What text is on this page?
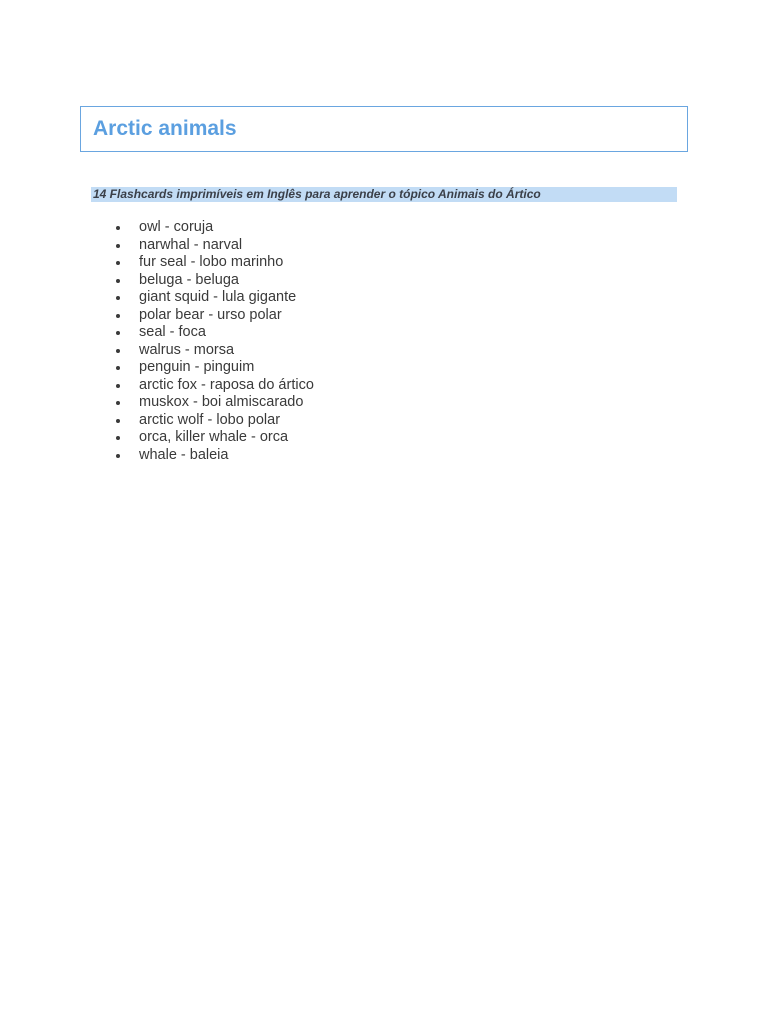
Arctic animals
14 Flashcards imprimíveis em Inglês para aprender o tópico Animais do Ártico
owl - coruja
narwhal - narval
fur seal - lobo marinho
beluga - beluga
giant squid - lula gigante
polar bear - urso polar
seal - foca
walrus - morsa
penguin - pinguim
arctic fox - raposa do ártico
muskox - boi almiscarado
arctic wolf - lobo polar
orca, killer whale - orca
whale - baleia
